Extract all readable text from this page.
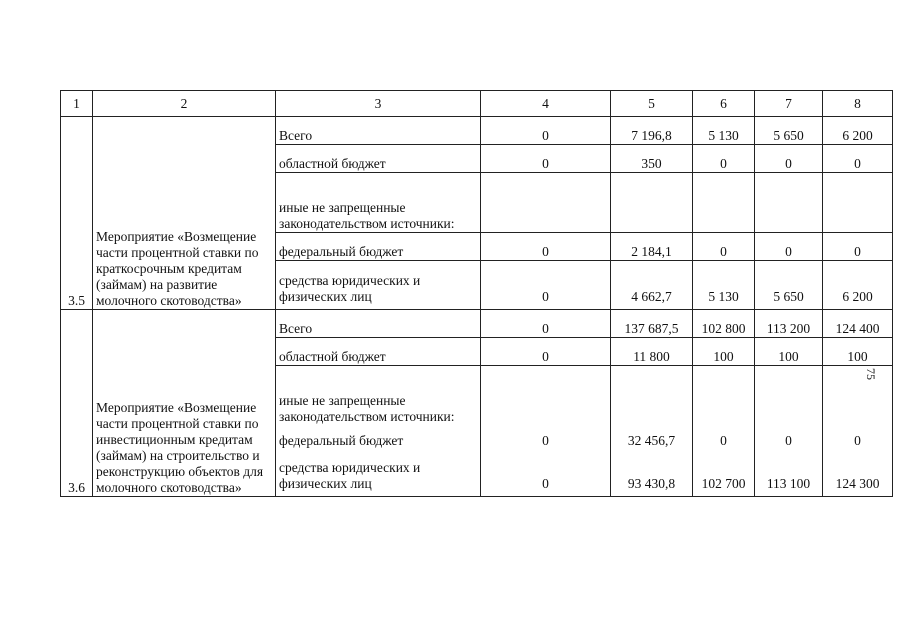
1	2	3	4	5	6	7	8
3.5	Мероприятие «Возмещение части процентной ставки по краткосрочным кредитам (займам) на развитие молочного скотоводства»	Всего	0	7 196,8	5 130	5 650	6 200
		областной бюджет	0	350	0	0	0
		иные не запрещенные законодательством источники:					
		федеральный бюджет	0	2 184,1	0	0	0
		средства юридических и физических лиц	0	4 662,7	5 130	5 650	6 200
3.6	Мероприятие «Возмещение части процентной ставки по инвестиционным кредитам (займам) на строительство и реконструкцию объектов для молочного скотоводства»	Всего	0	137 687,5	102 800	113 200	124 400
		областной бюджет	0	11 800	100	100	100
		иные не запрещенные законодательством источники:					
		федеральный бюджет	0	32 456,7	0	0	0
		средства юридических и физических лиц	0	93 430,8	102 700	113 100	124 300
75
